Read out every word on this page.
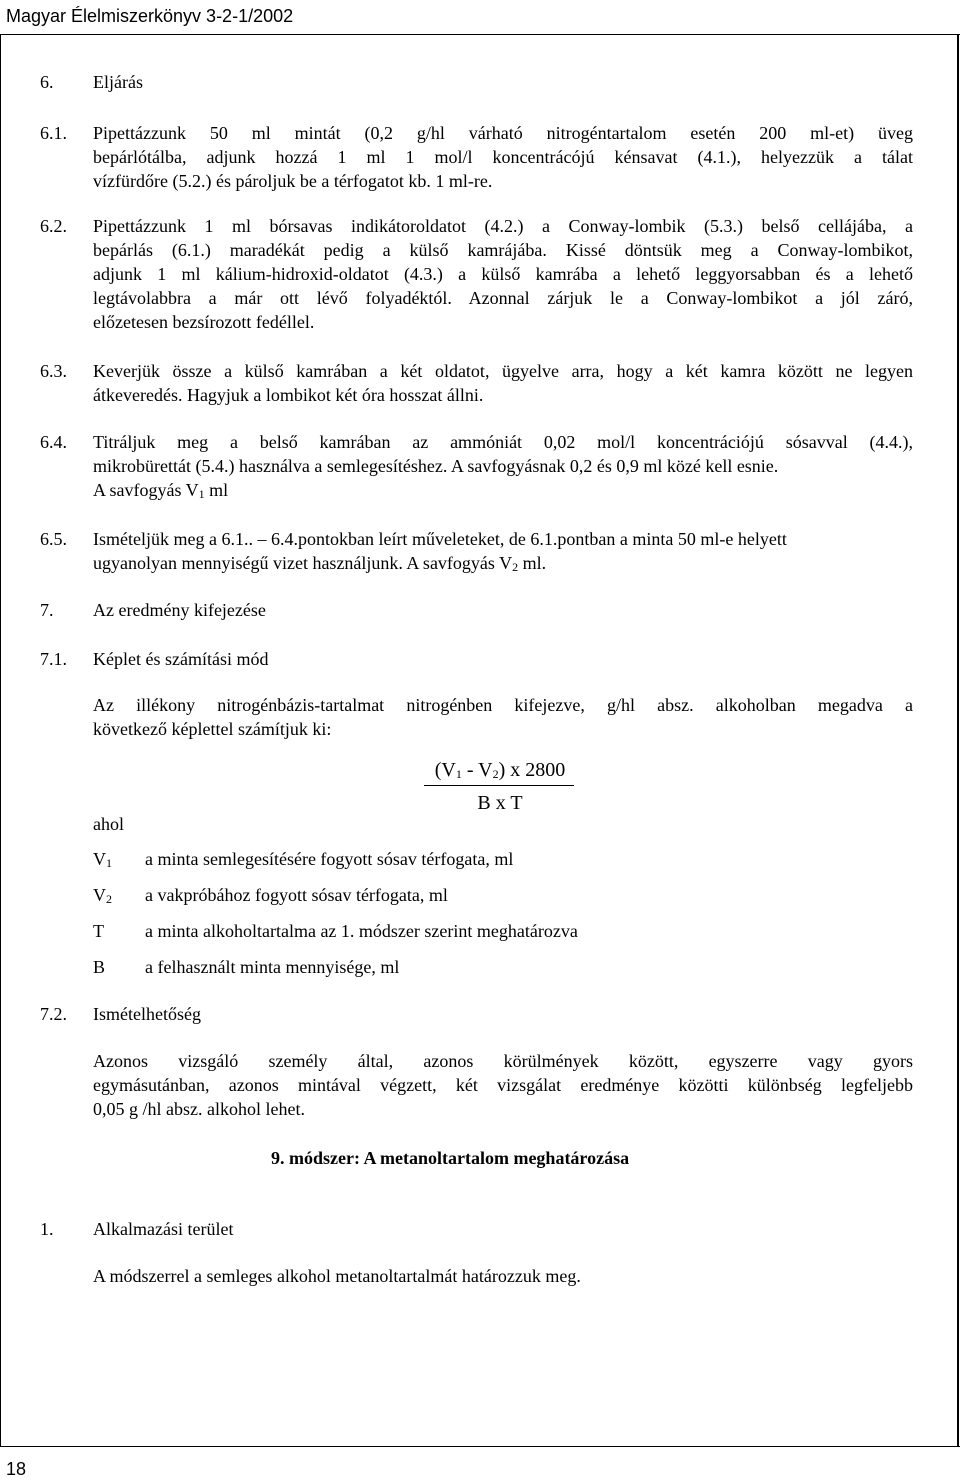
Magyar Élelmiszerkönyv 3-2-1/2002
6. Eljárás
6.1. Pipettázzunk 50 ml mintát (0,2 g/hl várható nitrogéntartalom esetén 200 ml-et) üveg
bepárlótálba, adjunk hozzá 1 ml 1 mol/l koncentrácójú kénsavat (4.1.), helyezzük a tálat
vízfürdőre (5.2.) és pároljuk be a térfogatot kb. 1 ml-re.
6.2. Pipettázzunk 1 ml bórsavas indikátoroldatot (4.2.) a Conway-lombik (5.3.) belső cellájába, a
bepárlás (6.1.) maradékát pedig a külső kamrájába. Kissé döntsük meg a Conway-lombikot,
adjunk 1 ml kálium-hidroxid-oldatot (4.3.) a külső kamrába a lehető leggyorsabban és a lehető
legtávolabbra a már ott lévő folyadéktól. Azonnal zárjuk le a Conway-lombikot a jól záró,
előzetesen bezsírozott fedéllel.
6.3. Keverjük össze a külső kamrában a két oldatot, ügyelve arra, hogy a két kamra között ne legyen
átkeveredés. Hagyjuk a lombikot két óra hosszat állni.
6.4. Titráljuk meg a belső kamrában az ammóniát 0,02 mol/l koncentrációjú sósavval (4.4.),
mikrobürettát (5.4.) használva a semlegesítéshez. A savfogyásnak 0,2 és 0,9 ml közé kell esnie.
A savfogyás $V_1$ ml
6.5. Ismételjük meg a 6.1.. – 6.4.pontokban leírt műveleteket, de 6.1.pontban a minta 50 ml-e helyett
ugyanolyan mennyiségű vizet használjunk. A savfogyás $V_2$ ml.
7. Az eredmény kifejezése
7.1. Képlet és számítási mód
Az illékony nitrogénbázis-tartalmat nitrogénben kifejezve, g/hl absz. alkoholban megadva a
következő képlettel számítjuk ki:
$(V_1 - V_2)$ x 2800
B x T
ahol
$V_1$ a minta semlegesítésére fogyott sósav térfogata, ml
$V_2$ a vakpróbához fogyott sósav térfogata, ml
T a minta alkoholtartalma az 1. módszer szerint meghatározva
B a felhasznált minta mennyisége, ml
7.2. Ismételhetőség
Azonos vizsgáló személy által, azonos körülmények között, egyszerre vagy gyors
egymásutánban, azonos mintával végzett, két vizsgálat eredménye közötti különbség legfeljebb
0,05 g /hl absz. alkohol lehet.
9. módszer: A metanoltartalom meghatározása
1. Alkalmazási terület
A módszerrel a semleges alkohol metanoltartalmát határozzuk meg.
18
